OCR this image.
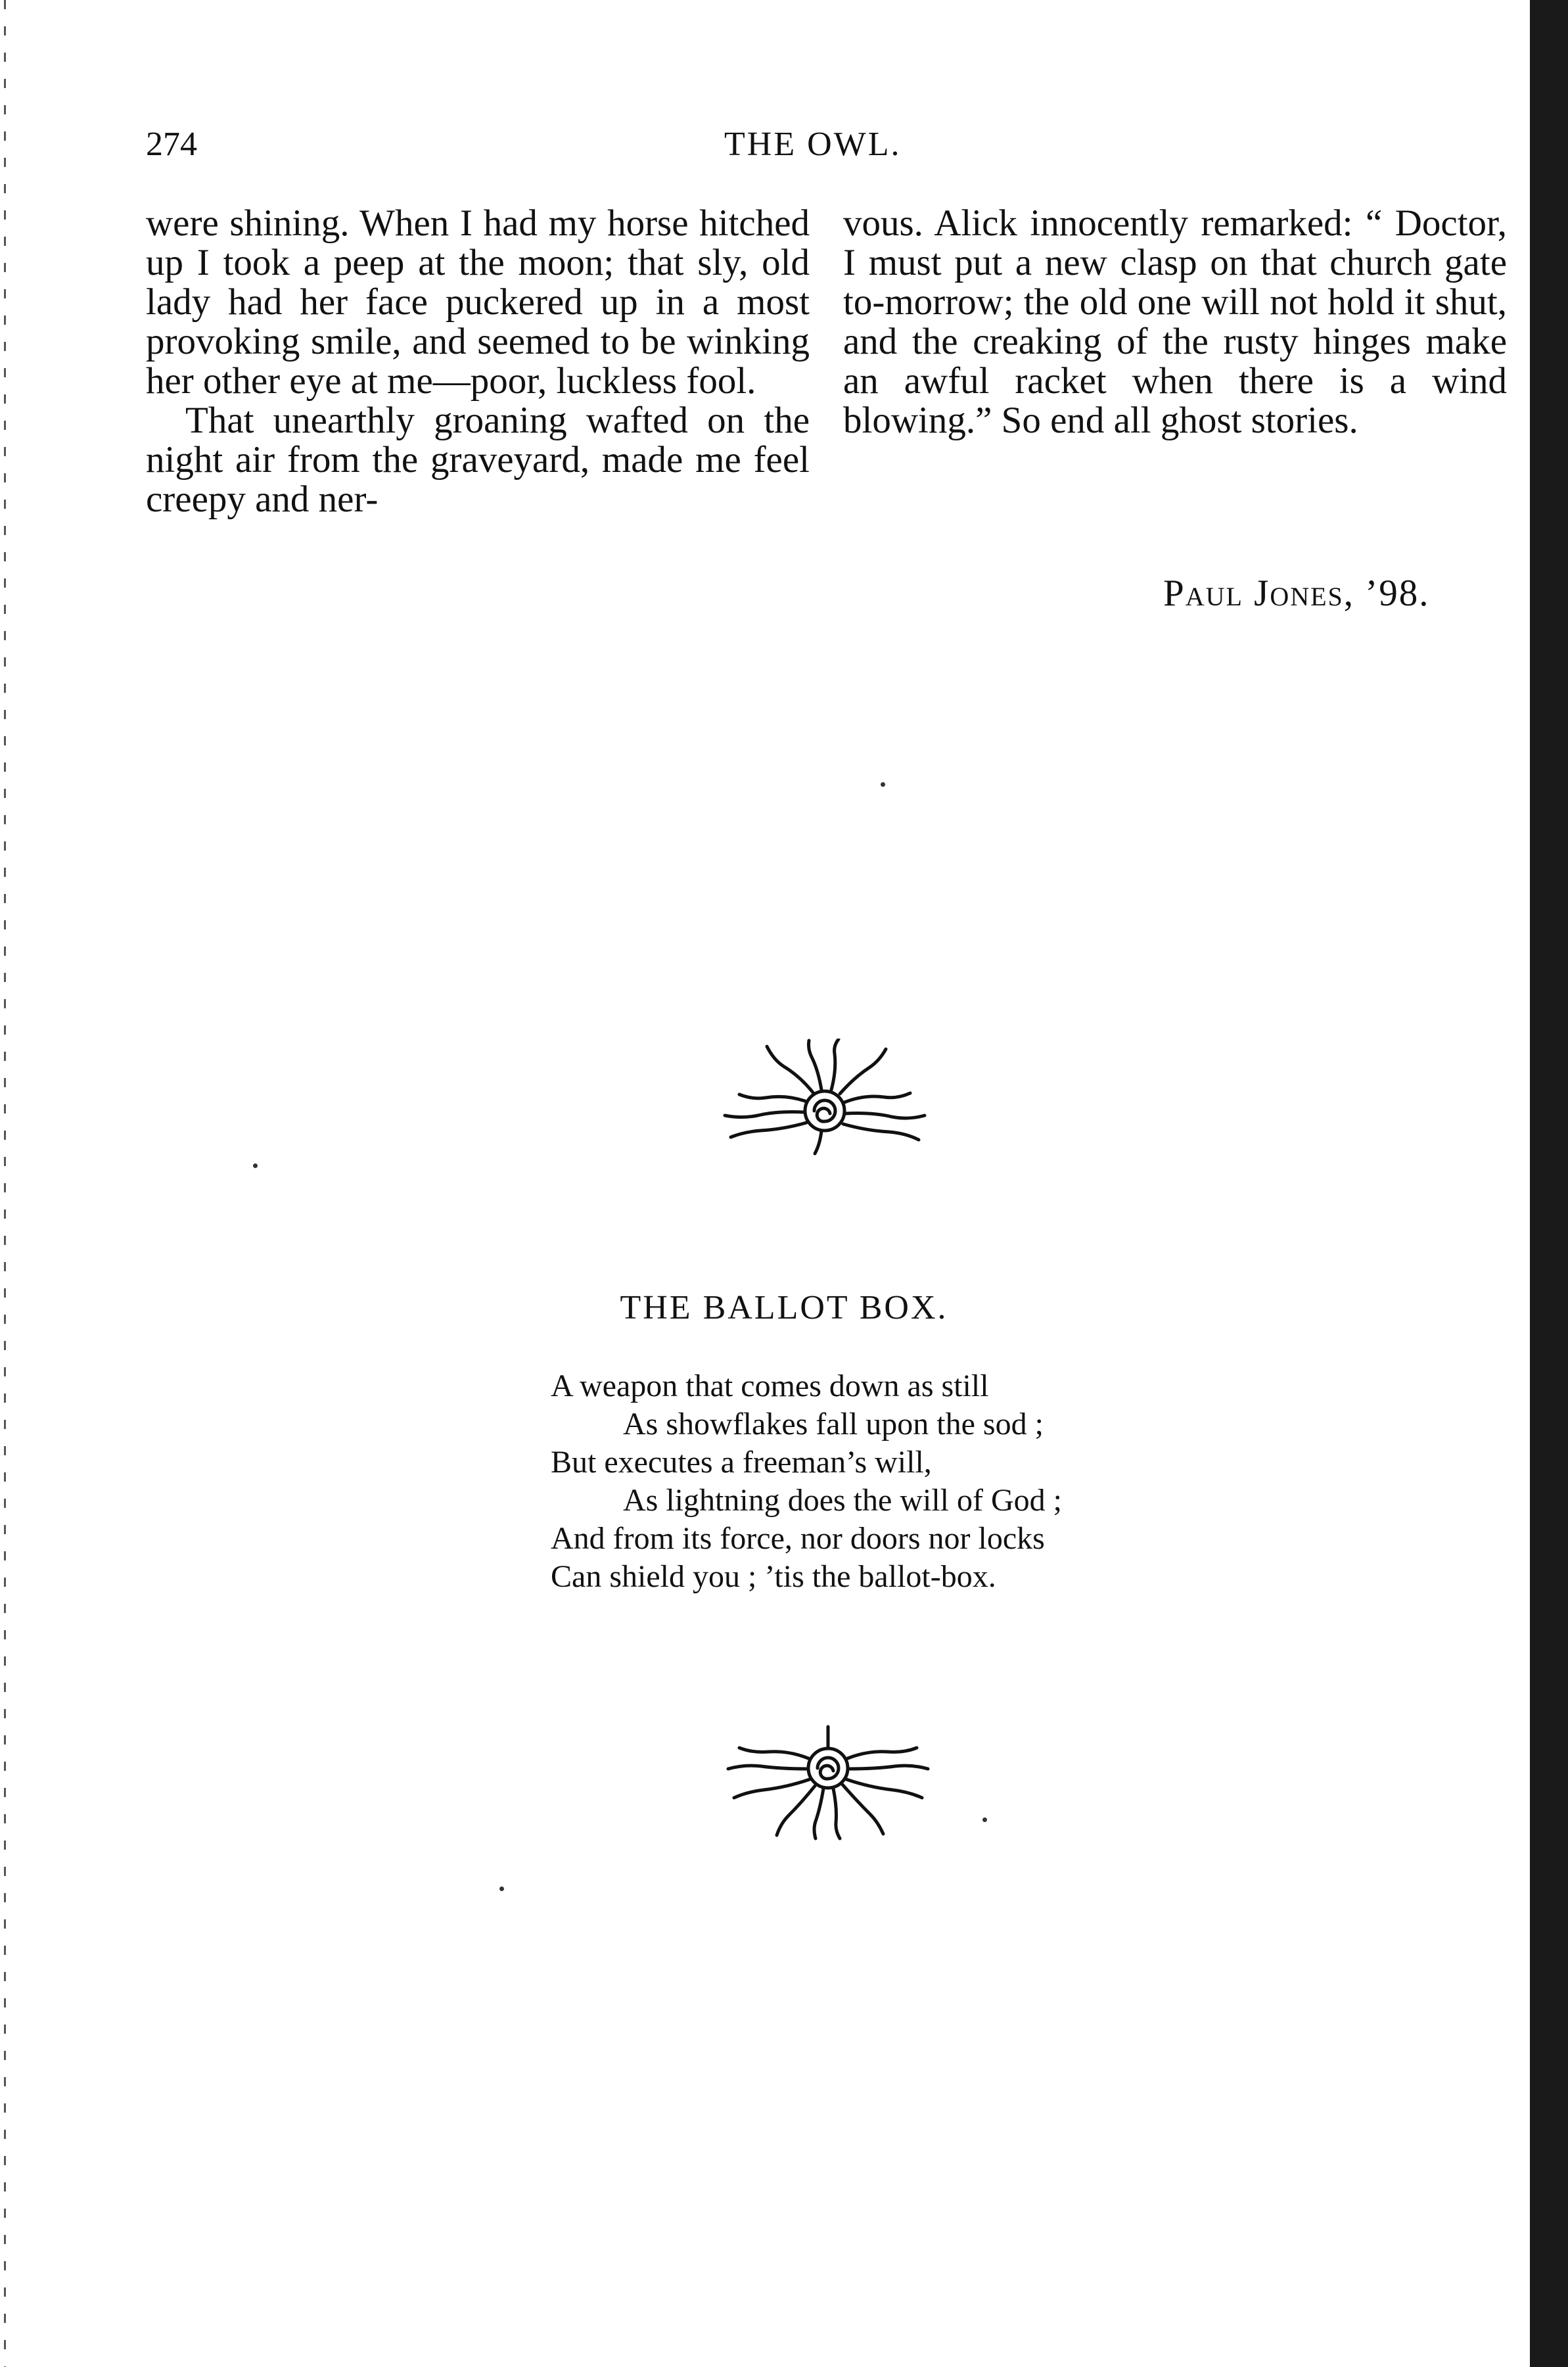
274	THE OWL.

were shining. When I had my horse hitched up I took a peep at the moon; that sly, old lady had her face puckered up in a most provoking smile, and seemed to be winking her other eye at me—poor, luckless fool.

That unearthly groaning wafted on the night air from the graveyard, made me feel creepy and ner-

vous. Alick innocently remarked: “ Doctor, I must put a new clasp on that church gate to-morrow; the old one will not hold it shut, and the creaking of the rusty hinges make an awful racket when there is a wind blowing.” So end all ghost stories.

Paul Jones, ’98.
THE BALLOT BOX.
A weapon that comes down as still
As showflakes fall upon the sod ;
But executes a freeman’s will,
As lightning does the will of God ;
And from its force, nor doors nor locks
Can shield you ; ’tis the ballot-box.
